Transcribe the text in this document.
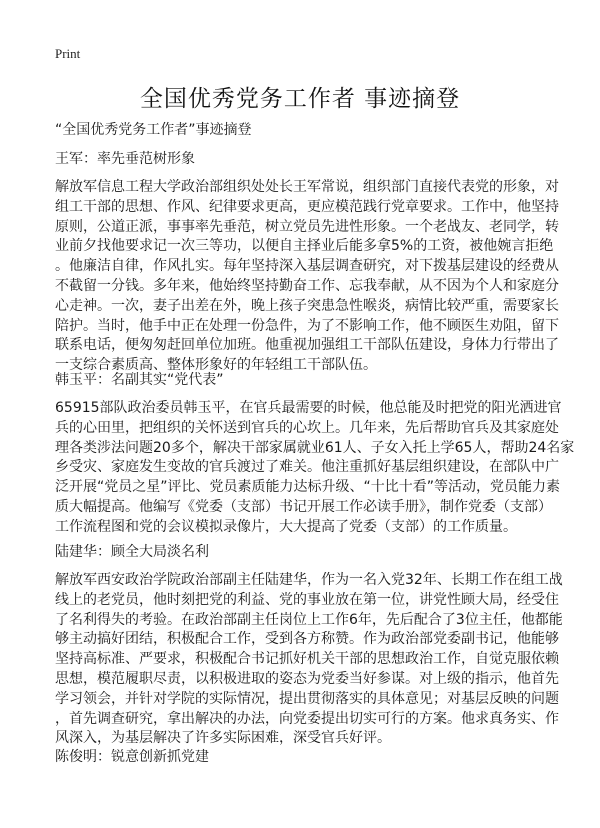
Print
全国优秀党务工作者 事迹摘登
“全国优秀党务工作者”事迹摘登
王军：率先垂范树形象
解放军信息工程大学政治部组织处处长王军常说，组织部门直接代表党的形象，对
组工干部的思想、作风、纪律要求更高，更应模范践行党章要求。工作中，他坚持
原则，公道正派，事事率先垂范，树立党员先进性形象。一个老战友、老同学，转
业前夕找他要求记一次三等功，以便自主择业后能多拿5%的工资，被他婉言拒绝
。他廉洁自律，作风扎实。每年坚持深入基层调查研究，对下拨基层建设的经费从
不截留一分钱。多年来，他始终坚持勤奋工作、忘我奉献，从不因为个人和家庭分
心走神。一次，妻子出差在外，晚上孩子突患急性喉炎，病情比较严重，需要家长
陪护。当时，他手中正在处理一份急件，为了不影响工作，他不顾医生劝阻，留下
联系电话，便匆匆赶回单位加班。他重视加强组工干部队伍建设，身体力行带出了
一支综合素质高、整体形象好的年轻组工干部队伍。
韩玉平：名副其实“党代表”
65915部队政治委员韩玉平，在官兵最需要的时候，他总能及时把党的阳光洒进官
兵的心田里，把组织的关怀送到官兵的心坎上。几年来，先后帮助官兵及其家庭处
理各类涉法问题20多个，解决干部家属就业61人、子女入托上学65人，帮助24名家
乡受灾、家庭发生变故的官兵渡过了难关。他注重抓好基层组织建设，在部队中广
泛开展“党员之星”评比、党员素质能力达标升级、“十比十看”等活动，党员能力素
质大幅提高。他编写《党委（支部）书记开展工作必读手册》，制作党委（支部）
工作流程图和党的会议模拟录像片，大大提高了党委（支部）的工作质量。
陆建华：顾全大局淡名利
解放军西安政治学院政治部副主任陆建华，作为一名入党32年、长期工作在组工战
线上的老党员，他时刻把党的利益、党的事业放在第一位，讲党性顾大局，经受住
了名利得失的考验。在政治部副主任岗位上工作6年，先后配合了3位主任，他都能
够主动搞好团结，积极配合工作，受到各方称赞。作为政治部党委副书记，他能够
坚持高标准、严要求，积极配合书记抓好机关干部的思想政治工作，自觉克服依赖
思想，模范履职尽责，以积极进取的姿态为党委当好参谋。对上级的指示，他首先
学习领会，并针对学院的实际情况，提出贯彻落实的具体意见；对基层反映的问题
，首先调查研究，拿出解决的办法，向党委提出切实可行的方案。他求真务实、作
风深入，为基层解决了许多实际困难，深受官兵好评。
陈俊明：锐意创新抓党建
